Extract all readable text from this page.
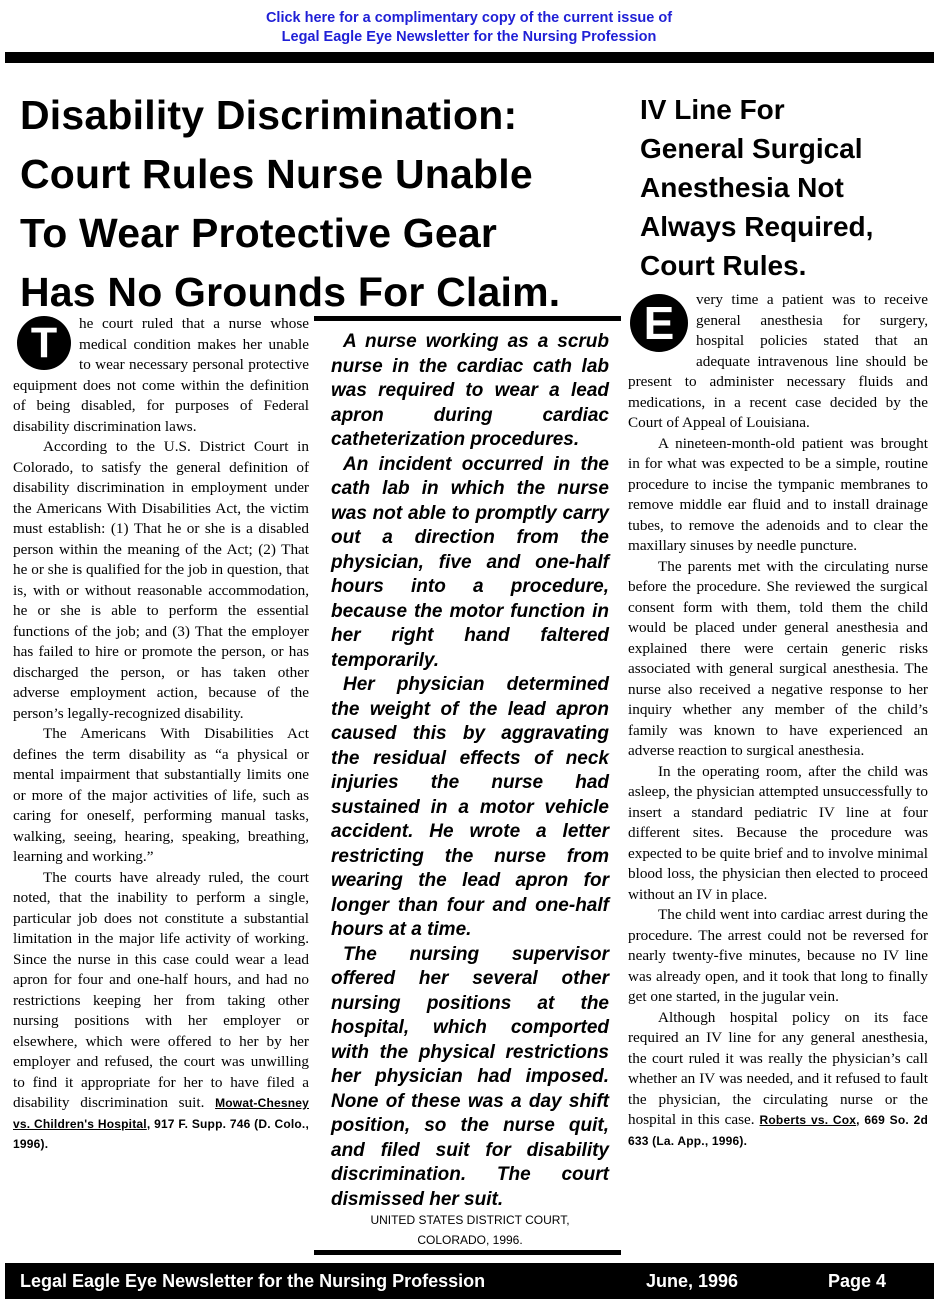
Click here for a complimentary copy of the current issue of
Legal Eagle Eye Newsletter for the Nursing Profession
Disability Discrimination:
Court Rules Nurse Unable
To Wear Protective Gear
Has No Grounds For Claim.
IV Line For
General Surgical
Anesthesia Not
Always Required,
Court Rules.

T	he court ruled that a nurse whose medical condition makes her unable to wear necessary personal protective equipment does not come within the definition of being disabled, for purposes of Federal disability discrimination laws.

According to the U.S. District Court in Colorado, to satisfy the general definition of disability discrimination in employment under the Americans With Disabilities Act, the victim must establish: (1) That he or she is a disabled person within the meaning of the Act; (2) That he or she is qualified for the job in question, that is, with or without reasonable accommodation, he or she is able to perform the essential functions of the job; and (3) That the employer has failed to hire or promote the person, or has discharged the person, or has taken other adverse employment action, because of the person’s legally-recognized disability.

The Americans With Disabilities Act defines the term disability as “a physical or mental impairment that substantially limits one or more of the major activities of life, such as caring for oneself, performing manual tasks, walking, seeing, hearing, speaking, breathing, learning and working.”

The courts have already ruled, the court noted, that the inability to perform a single, particular job does not constitute a substantial limitation in the major life activity of working. Since the nurse in this case could wear a lead apron for four and one-half hours, and had no restrictions keeping her from taking other nursing positions with her employer or elsewhere, which were offered to her by her employer and refused, the court was unwilling to find it appropriate for her to have filed a disability discrimination suit. Mowat-Chesney vs. Children's Hospital, 917 F. Supp. 746 (D. Colo., 1996).

A nurse working as a scrub nurse in the cardiac cath lab was required to wear a lead apron during cardiac catheterization procedures.

An incident occurred in the cath lab in which the nurse was not able to promptly carry out a direction from the physician, five and one-half hours into a procedure, because the motor function in her right hand faltered temporarily.

Her physician determined the weight of the lead apron caused this by aggravating the residual effects of neck injuries the nurse had sustained in a motor vehicle accident. He wrote a letter restricting the nurse from wearing the lead apron for longer than four and one-half hours at a time.

The nursing supervisor offered her several other nursing positions at the hospital, which comported with the physical restrictions her physician had imposed. None of these was a day shift position, so the nurse quit, and filed suit for disability discrimination. The court dismissed her suit.

UNITED STATES DISTRICT COURT,
COLORADO, 1996.

E	very time a patient was to receive general anesthesia for surgery, hospital policies stated that an adequate intravenous line should be present to administer necessary fluids and medications, in a recent case decided by the Court of Appeal of Louisiana.

A nineteen-month-old patient was brought in for what was expected to be a simple, routine procedure to incise the tympanic membranes to remove middle ear fluid and to install drainage tubes, to remove the adenoids and to clear the maxillary sinuses by needle puncture.

The parents met with the circulating nurse before the procedure. She reviewed the surgical consent form with them, told them the child would be placed under general anesthesia and explained there were certain generic risks associated with general surgical anesthesia. The nurse also received a negative response to her inquiry whether any member of the child’s family was known to have experienced an adverse reaction to surgical anesthesia.

In the operating room, after the child was asleep, the physician attempted unsuccessfully to insert a standard pediatric IV line at four different sites. Because the procedure was expected to be quite brief and to involve minimal blood loss, the physician then elected to proceed without an IV in place.

The child went into cardiac arrest during the procedure. The arrest could not be reversed for nearly twenty-five minutes, because no IV line was already open, and it took that long to finally get one started, in the jugular vein.

Although hospital policy on its face required an IV line for any general anesthesia, the court ruled it was really the physician’s call whether an IV was needed, and it refused to fault the physician, the circulating nurse or the hospital in this case. Roberts vs. Cox, 669 So. 2d 633 (La. App., 1996).

Legal Eagle Eye Newsletter for the Nursing Profession	June, 1996	Page 4
